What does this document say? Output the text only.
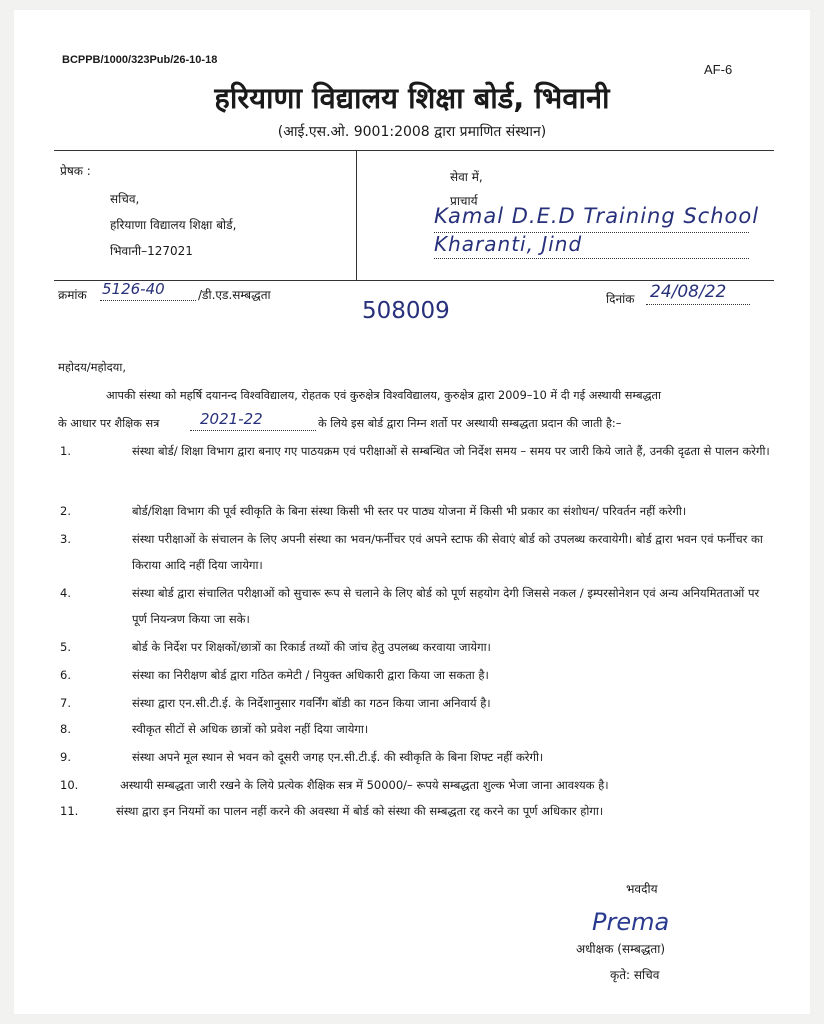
BCPPB/1000/323Pub/26-10-18
AF-6
हरियाणा विद्यालय शिक्षा बोर्ड, भिवानी
(आई.एस.ओ. 9001:2008 द्वारा प्रमाणित संस्थान)
प्रेषक :
सचिव,
हरियाणा विद्यालय शिक्षा बोर्ड,
भिवानी–127021
सेवा में,
प्राचार्य
Kamal D.E.D Training School
Kharanti, Jind
क्रमांक 5126-40	/डी.एड.सम्बद्धता
508009	दिनांक 24/08/22
महोदय/महोदया,
आपकी संस्था को महर्षि दयानन्द विश्वविद्यालय, रोहतक एवं कुरुक्षेत्र विश्वविद्यालय, कुरुक्षेत्र द्वारा 2009–10 में दी गई अस्थायी सम्बद्धता
के आधार पर शैक्षिक सत्र	2021-22	के लिये इस बोर्ड द्वारा निम्न शर्तो पर अस्थायी सम्बद्धता प्रदान की जाती है:–
1.	संस्था बोर्ड/ शिक्षा विभाग द्वारा बनाए गए पाठयक्रम एवं परीक्षाओं से सम्बन्धित जो निर्देश समय – समय पर जारी किये जाते हैं, उनकी दृढता से पालन करेगी।
2.	बोर्ड/शिक्षा विभाग की पूर्व स्वीकृति के बिना संस्था किसी भी स्तर पर पाठ्य योजना में किसी भी प्रकार का संशोधन/ परिवर्तन नहीं करेगी।
3.	संस्था परीक्षाओं के संचालन के लिए अपनी संस्था का भवन/फर्नीचर एवं अपने स्टाफ की सेवाएं बोर्ड को उपलब्ध करवायेगी। बोर्ड द्वारा भवन एवं फर्नीचर का किराया आदि नहीं दिया जायेगा।
4.	संस्था बोर्ड द्वारा संचालित परीक्षाओं को सुचारू रूप से चलाने के लिए बोर्ड को पूर्ण सहयोग देगी जिससे नकल / इम्परसोनेशन एवं अन्य अनियमितताओं पर पूर्ण नियन्त्रण किया जा सके।
5.	बोर्ड के निर्देश पर शिक्षकों/छात्रों का रिकार्ड तथ्यों की जांच हेतु उपलब्ध करवाया जायेगा।
6.	संस्था का निरीक्षण बोर्ड द्वारा गठित कमेटी / नियुक्त अधिकारी द्वारा किया जा सकता है।
7.	संस्था द्वारा एन.सी.टी.ई. के निर्देशानुसार गवर्निंग बॉडी का गठन किया जाना अनिवार्य है।
8.	स्वीकृत सीटों से अधिक छात्रों को प्रवेश नहीं दिया जायेगा।
9.	संस्था अपने मूल स्थान से भवन को दूसरी जगह एन.सी.टी.ई. की स्वीकृति के बिना शिफ्ट नहीं करेगी।
10.	अस्थायी सम्बद्धता जारी रखने के लिये प्रत्येक शैक्षिक सत्र में 50000/– रूपये सम्बद्धता शुल्क भेजा जाना आवश्यक है।
11.	संस्था द्वारा इन नियमों का पालन नहीं करने की अवस्था में बोर्ड को संस्था की सम्बद्धता रद्द करने का पूर्ण अधिकार होगा।
भवदीय
Prema
अधीक्षक (सम्बद्धता)
कृते: सचिव
